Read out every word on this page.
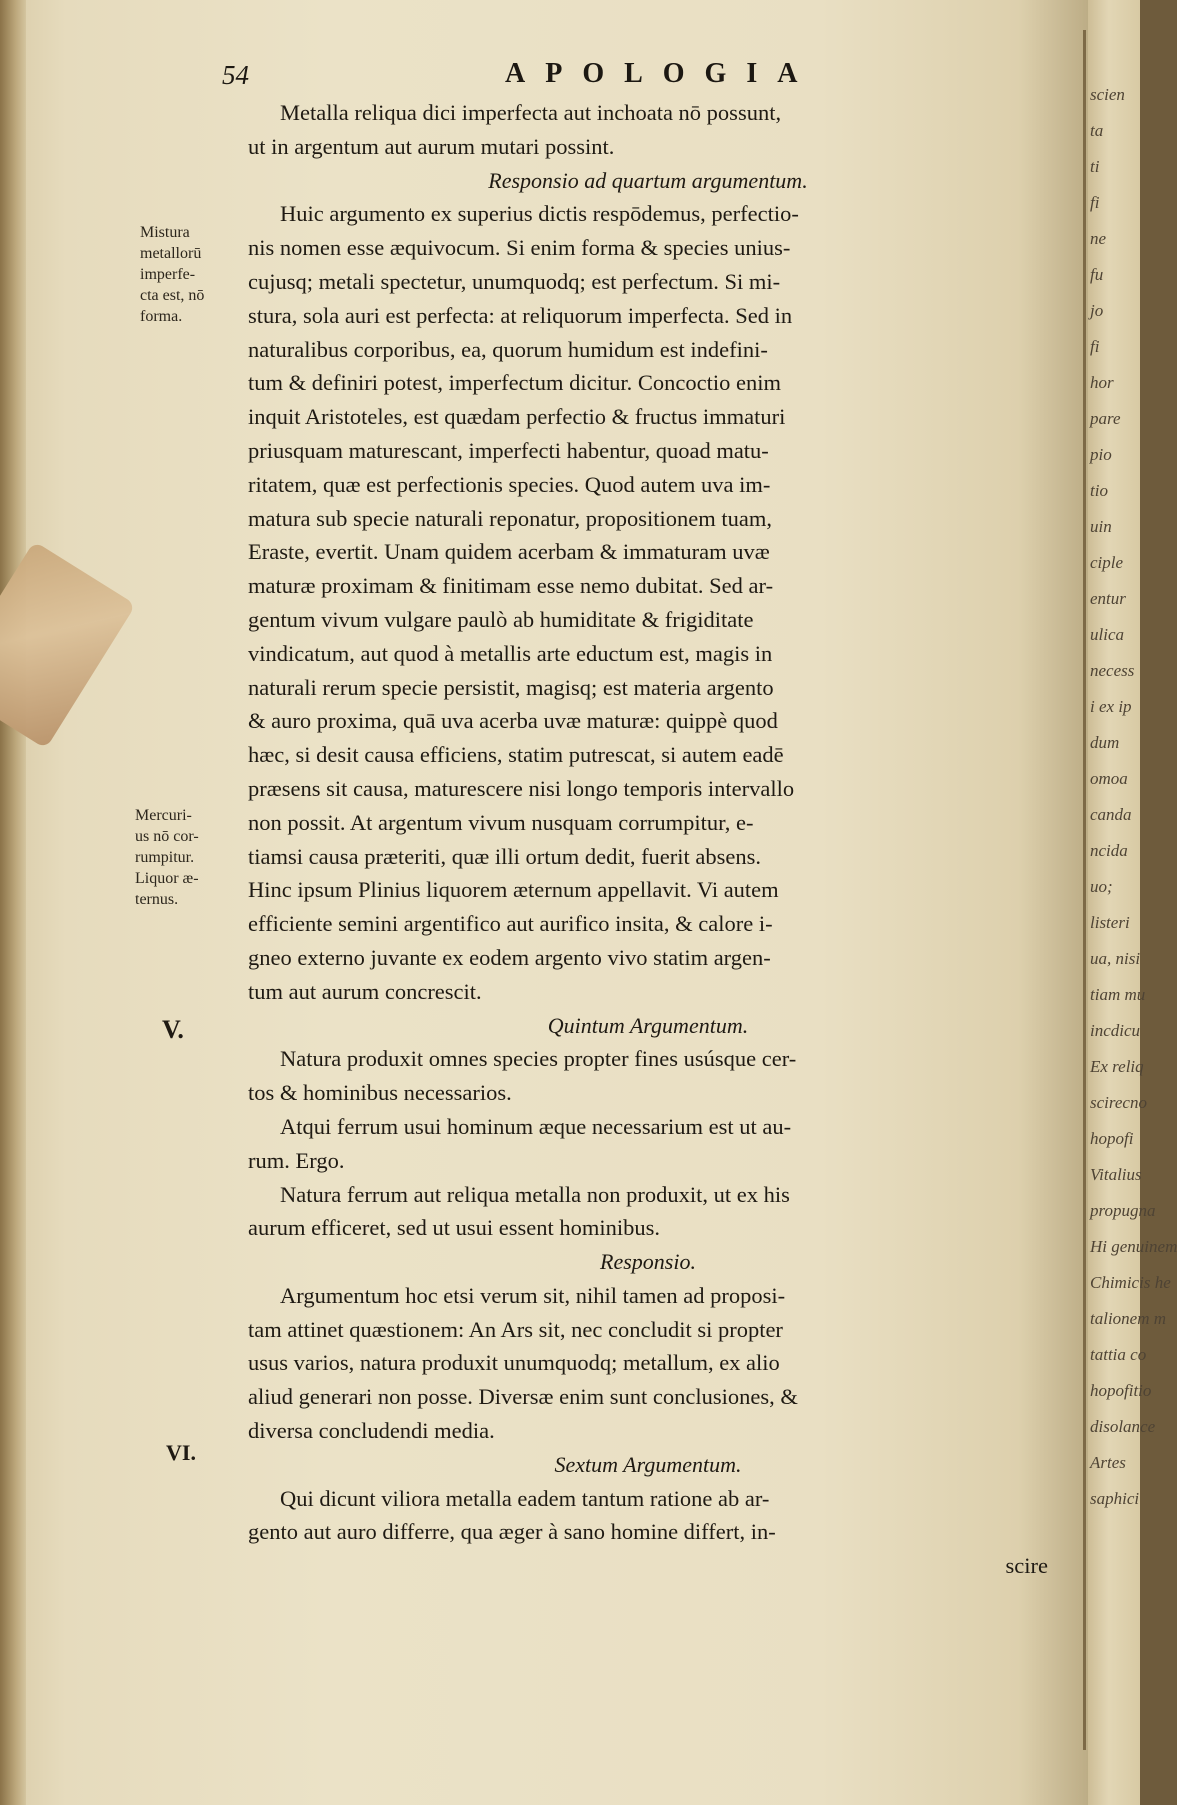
54	APOLOGIA
Mistura
metallorū
imperfe-
cta est, nō
forma.
Mercuri-
us nō cor-
rumpitur.
Liquor æ-
ternus.
V.
VI.
Metalla reliqua dici imperfecta aut inchoata nō possunt,
ut in argentum aut aurum mutari possint.
Responsio ad quartum argumentum.
Huic argumento ex superius dictis respōdemus, perfectio-
nis nomen esse æquivocum. Si enim forma & species unius-
cujusq; metali spectetur, unumquodq; est perfectum. Si mi-
stura, sola auri est perfecta: at reliquorum imperfecta. Sed in
naturalibus corporibus, ea, quorum humidum est indefini-
tum & definiri potest, imperfectum dicitur. Concoctio enim
inquit Aristoteles, est quædam perfectio & fructus immaturi
priusquam maturescant, imperfecti habentur, quoad matu-
ritatem, quæ est perfectionis species. Quod autem uva im-
matura sub specie naturali reponatur, propositionem tuam,
Eraste, evertit. Unam quidem acerbam & immaturam uvæ
maturæ proximam & finitimam esse nemo dubitat. Sed ar-
gentum vivum vulgare paulò ab humiditate & frigiditate
vindicatum, aut quod à metallis arte eductum est, magis in
naturali rerum specie persistit, magisq; est materia argento
& auro proxima, quā uva acerba uvæ maturæ: quippè quod
hæc, si desit causa efficiens, statim putrescat, si autem eadē
præsens sit causa, maturescere nisi longo temporis intervallo
non possit. At argentum vivum nusquam corrumpitur, e-
tiamsi causa præteriti, quæ illi ortum dedit, fuerit absens.
Hinc ipsum Plinius liquorem æternum appellavit. Vi autem
efficiente semini argentifico aut aurifico insita, & calore i-
gneo externo juvante ex eodem argento vivo statim argen-
tum aut aurum concrescit.
Quintum Argumentum.
Natura produxit omnes species propter fines usúsque cer-
tos & hominibus necessarios.
Atqui ferrum usui hominum æque necessarium est ut au-
rum. Ergo.
Natura ferrum aut reliqua metalla non produxit, ut ex his
aurum efficeret, sed ut usui essent hominibus.
Responsio.
Argumentum hoc etsi verum sit, nihil tamen ad proposi-
tam attinet quæstionem: An Ars sit, nec concludit si propter
usus varios, natura produxit unumquodq; metallum, ex alio
aliud generari non posse. Diversæ enim sunt conclusiones, &
diversa concludendi media.
Sextum Argumentum.
Qui dicunt viliora metalla eadem tantum ratione ab ar-
gento aut auro differre, qua æger à sano homine differt, in-
scire
scien
ta
ti
fi
ne
fu
jo
fi
hor
pare
pio
tio
uin
ciple
entur
ulica
necess
i ex ip
dum
omoa
canda
ncida
uo;
listeri
ua, nisi
tiam mu
incdicu
Ex reliq
scirecno
hopofi
Vitalius
propugna
Hi genuinem
Chimicis he
talionem m
tattia co
hopofitio
disolance
Artes
saphici
